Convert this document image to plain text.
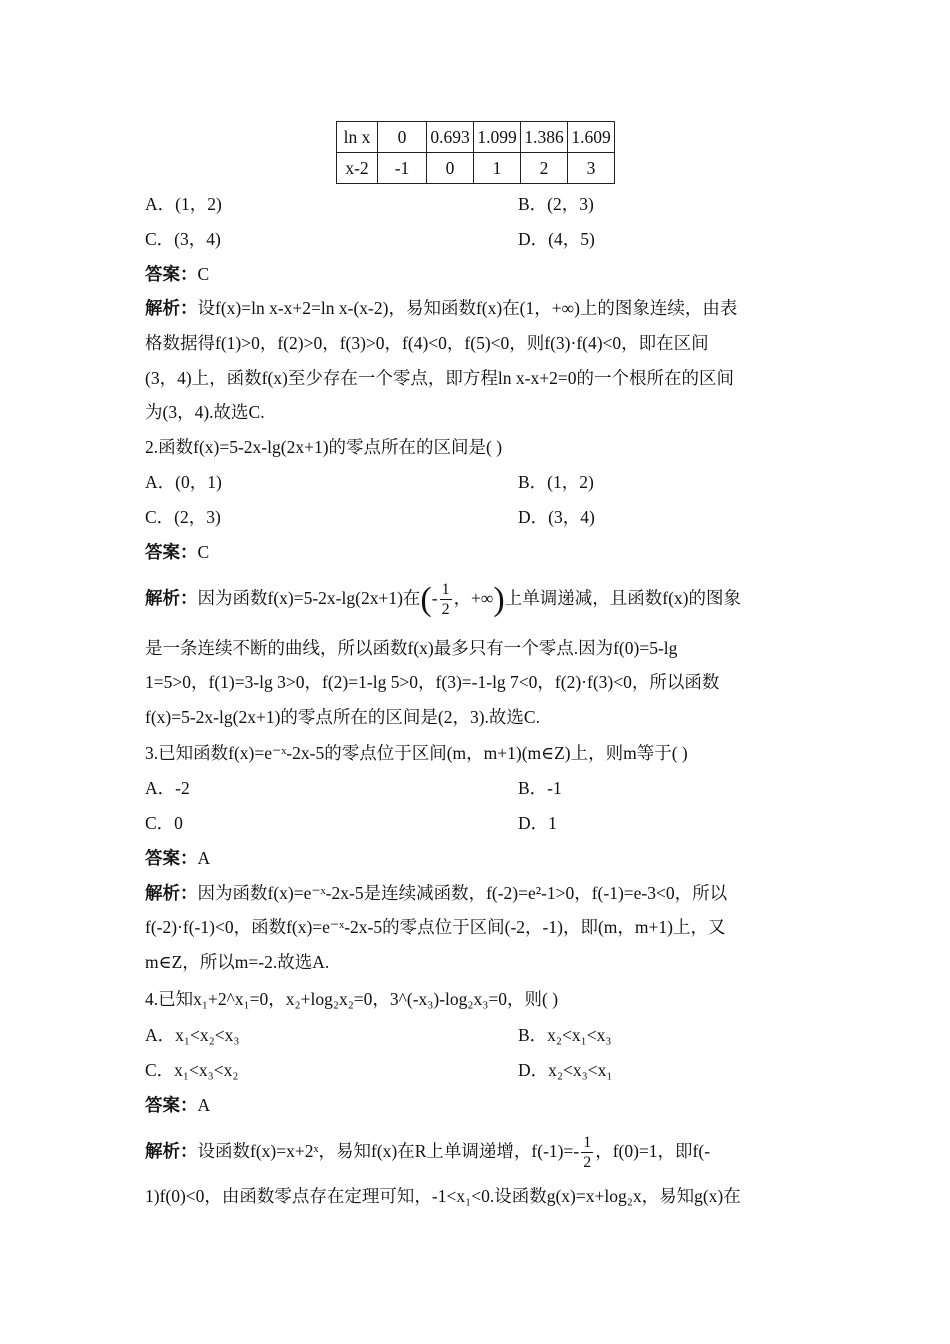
ln x	0	0.693	1.099	1.386	1.609
x-2	-1	0	1	2	3
A．(1，2)	B．(2，3)
C．(3，4)	D．(4，5)
答案：C
解析：设f(x)=ln x-x+2=ln x-(x-2)，易知函数f(x)在(1，+∞)上的图象连续，由表
格数据得f(1)>0，f(2)>0，f(3)>0，f(4)<0，f(5)<0，则f(3)·f(4)<0，即在区间
(3，4)上，函数f(x)至少存在一个零点，即方程ln x-x+2=0的一个根所在的区间
为(3，4).故选C.
2.函数f(x)=5-2x-lg(2x+1)的零点所在的区间是( )
A．(0，1)	B．(1，2)
C．(2，3)	D．(3，4)
答案：C
解析：因为函数f(x)=5-2x-lg(2x+1)在(- $\frac{1}{2}$ ，+∞)上单调递减，且函数f(x)的图象
是一条连续不断的曲线，所以函数f(x)最多只有一个零点.因为f(0)=5-lg
1=5>0，f(1)=3-lg 3>0，f(2)=1-lg 5>0，f(3)=-1-lg 7<0，f(2)·f(3)<0，所以函数
f(x)=5-2x-lg(2x+1)的零点所在的区间是(2，3).故选C.
3.已知函数f(x)=e⁻ˣ-2x-5的零点位于区间(m，m+1)(m∈Z)上，则m等于( )
A．-2	B．-1
C．0	D．1
答案：A
解析：因为函数f(x)=e⁻ˣ-2x-5是连续减函数，f(-2)=e²-1>0，f(-1)=e-3<0，所以
f(-2)·f(-1)<0，函数f(x)=e⁻ˣ-2x-5的零点位于区间(-2，-1)，即(m，m+1)上，又
m∈Z，所以m=-2.故选A.
4.已知x₁+2^x₁=0，x₂+log₂x₂=0，3^(-x₃)-log₂x₃=0，则( )
A．x₁<x₂<x₃	B．x₂<x₁<x₃
C．x₁<x₃<x₂	D．x₂<x₃<x₁
答案：A
解析：设函数f(x)=x+2ˣ，易知f(x)在R上单调递增，$f(-1)=- \frac{1}{2}$ ，f(0)=1，即f(-
1)f(0)<0，由函数零点存在定理可知，-1<x₁<0.设函数g(x)=x+log₂x，易知g(x)在
